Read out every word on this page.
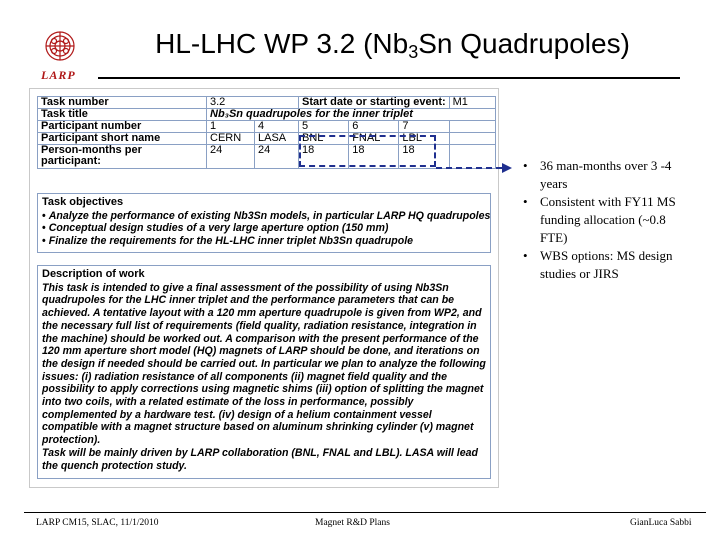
LARP
HL-LHC WP 3.2 ($Nb_3Sn$ Quadrupoles)
Task number	3.2		Start date or starting event:			M1
Task title	Nb₃Sn quadrupoles for the inner triplet					
Participant number	1	4	5	6	7	
Participant short name	CERN	LASA	BNL	FNAL	LBL	
Person-months per participant:	24	24	18	18	18	
Task objectives
• Analyze the performance of existing Nb3Sn models, in particular LARP HQ quadrupoles
• Conceptual design studies of a very large aperture option (150 mm)
• Finalize the requirements for the HL-LHC inner triplet Nb3Sn quadrupole
Description of work
This task is intended to give a final assessment of the possibility of using Nb3Sn quadrupoles for the LHC inner triplet and the performance parameters that can be achieved. A tentative layout with a 120 mm aperture quadrupole is given from WP2, and the necessary full list of requirements (field quality, radiation resistance, integration in the machine) should be worked out. A comparison with the present performance of the 120 mm aperture short model (HQ) magnets of LARP should be done, and iterations on the design if needed should be carried out. In particular we plan to analyze the following issues: (i) radiation resistance of all components (ii) magnet field quality and the possibility to apply corrections using magnetic shims (iii) option of splitting the magnet into two coils, with a related estimate of the loss in performance, possibly complemented by a hardware test. (iv) design of a helium containment vessel compatible with a magnet structure based on aluminum shrinking cylinder (v) magnet protection).
Task will be mainly driven by LARP collaboration (BNL, FNAL and LBL). LASA will lead the quench protection study.
• 36 man-months over 3 -4 years
• Consistent with FY11 MS funding allocation (~0.8 FTE)
• WBS options: MS design studies or JIRS
LARP CM15, SLAC, 11/1/2010	Magnet R&D Plans	GianLuca Sabbi
